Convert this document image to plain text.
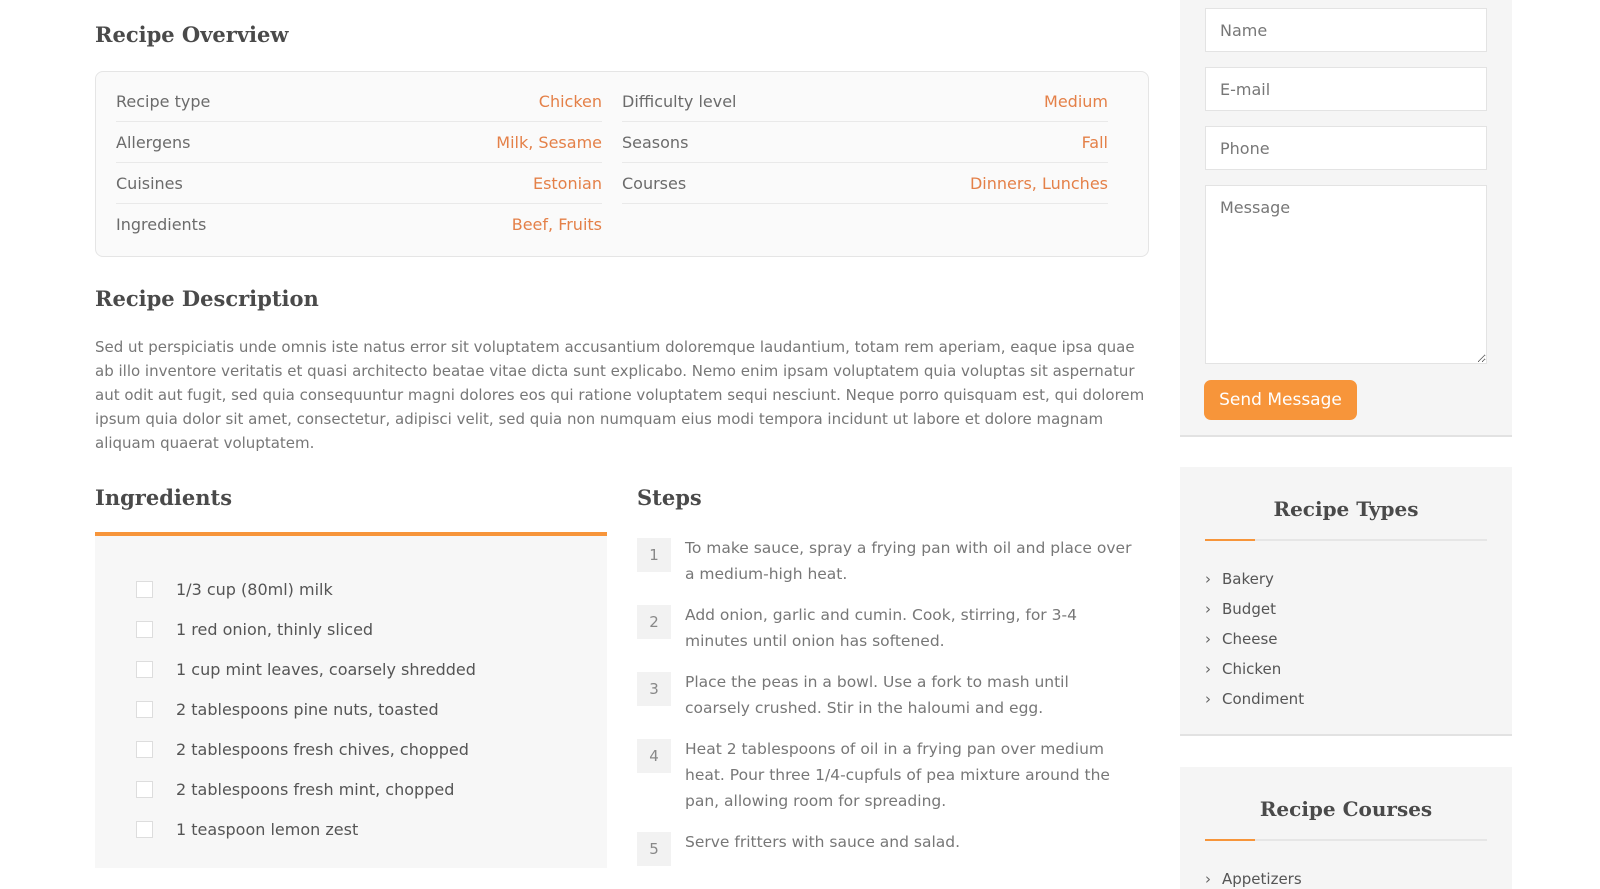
Recipe Overview
Recipe type	Chicken
Allergens	Milk, Sesame
Cuisines	Estonian
Ingredients	Beef, Fruits
Difficulty level	Medium
Seasons	Fall
Courses	Dinners, Lunches
Recipe Description

Sed ut perspiciatis unde omnis iste natus error sit voluptatem accusantium doloremque laudantium, totam rem aperiam, eaque ipsa quae ab illo inventore veritatis et quasi architecto beatae vitae dicta sunt explicabo. Nemo enim ipsam voluptatem quia voluptas sit aspernatur aut odit aut fugit, sed quia consequuntur magni dolores eos qui ratione voluptatem sequi nesciunt. Neque porro quisquam est, qui dolorem ipsum quia dolor sit amet, consectetur, adipisci velit, sed quia non numquam eius modi tempora incidunt ut labore et dolore magnam aliquam quaerat voluptatem.

Ingredients
1/3 cup (80ml) milk
1 red onion, thinly sliced
1 cup mint leaves, coarsely shredded
2 tablespoons pine nuts, toasted
2 tablespoons fresh chives, chopped
2 tablespoons fresh mint, chopped
1 teaspoon lemon zest
Steps
1	To make sauce, spray a frying pan with oil and place over a medium-high heat.
2	Add onion, garlic and cumin. Cook, stirring, for 3-4 minutes until onion has softened.
3	Place the peas in a bowl. Use a fork to mash until coarsely crushed. Stir in the haloumi and egg.
4	Heat 2 tablespoons of oil in a frying pan over medium heat. Pour three 1/4-cupfuls of pea mixture around the pan, allowing room for spreading.
5	Serve fritters with sauce and salad.
Name
E-mail
Phone
Message
Send Message
Recipe Types
› Bakery
› Budget
› Cheese
› Chicken
› Condiment
Recipe Courses
› Appetizers
